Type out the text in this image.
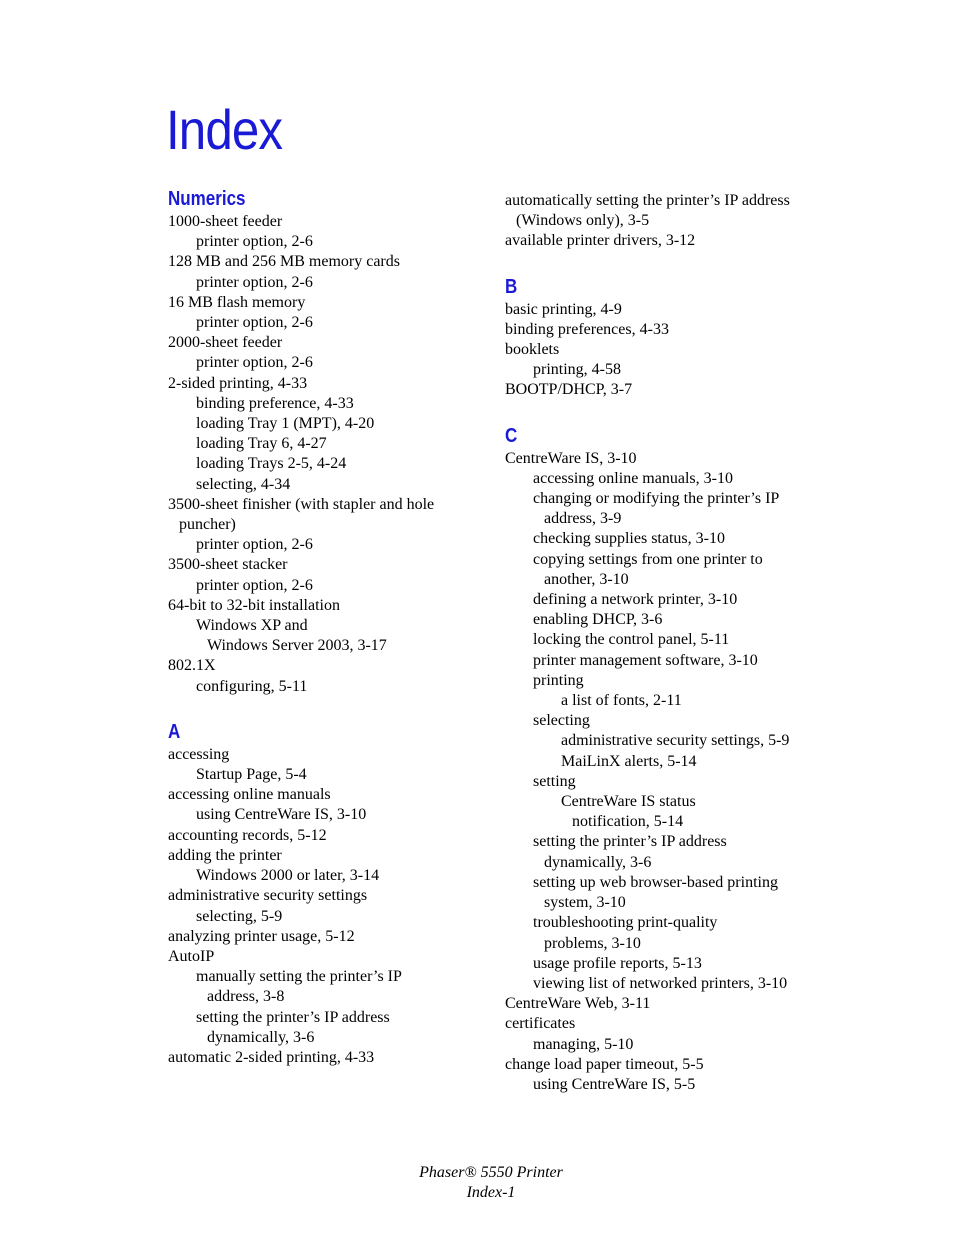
Index
Numerics
1000-sheet feeder
printer option, 2-6
128 MB and 256 MB memory cards
printer option, 2-6
16 MB flash memory
printer option, 2-6
2000-sheet feeder
printer option, 2-6
2-sided printing, 4-33
binding preference, 4-33
loading Tray 1 (MPT), 4-20
loading Tray 6, 4-27
loading Trays 2-5, 4-24
selecting, 4-34
3500-sheet finisher (with stapler and hole
puncher)
printer option, 2-6
3500-sheet stacker
printer option, 2-6
64-bit to 32-bit installation
Windows XP and
Windows Server 2003, 3-17
802.1X
configuring, 5-11
A
accessing
Startup Page, 5-4
accessing online manuals
using CentreWare IS, 3-10
accounting records, 5-12
adding the printer
Windows 2000 or later, 3-14
administrative security settings
selecting, 5-9
analyzing printer usage, 5-12
AutoIP
manually setting the printer’s IP
address, 3-8
setting the printer’s IP address
dynamically, 3-6
automatic 2-sided printing, 4-33
automatically setting the printer’s IP address
(Windows only), 3-5
available printer drivers, 3-12
B
basic printing, 4-9
binding preferences, 4-33
booklets
printing, 4-58
BOOTP/DHCP, 3-7
C
CentreWare IS, 3-10
accessing online manuals, 3-10
changing or modifying the printer’s IP
address, 3-9
checking supplies status, 3-10
copying settings from one printer to
another, 3-10
defining a network printer, 3-10
enabling DHCP, 3-6
locking the control panel, 5-11
printer management software, 3-10
printing
a list of fonts, 2-11
selecting
administrative security settings, 5-9
MaiLinX alerts, 5-14
setting
CentreWare IS status
notification, 5-14
setting the printer’s IP address
dynamically, 3-6
setting up web browser-based printing
system, 3-10
troubleshooting print-quality
problems, 3-10
usage profile reports, 5-13
viewing list of networked printers, 3-10
CentreWare Web, 3-11
certificates
managing, 5-10
change load paper timeout, 5-5
using CentreWare IS, 5-5
Phaser® 5550 Printer
Index-1
